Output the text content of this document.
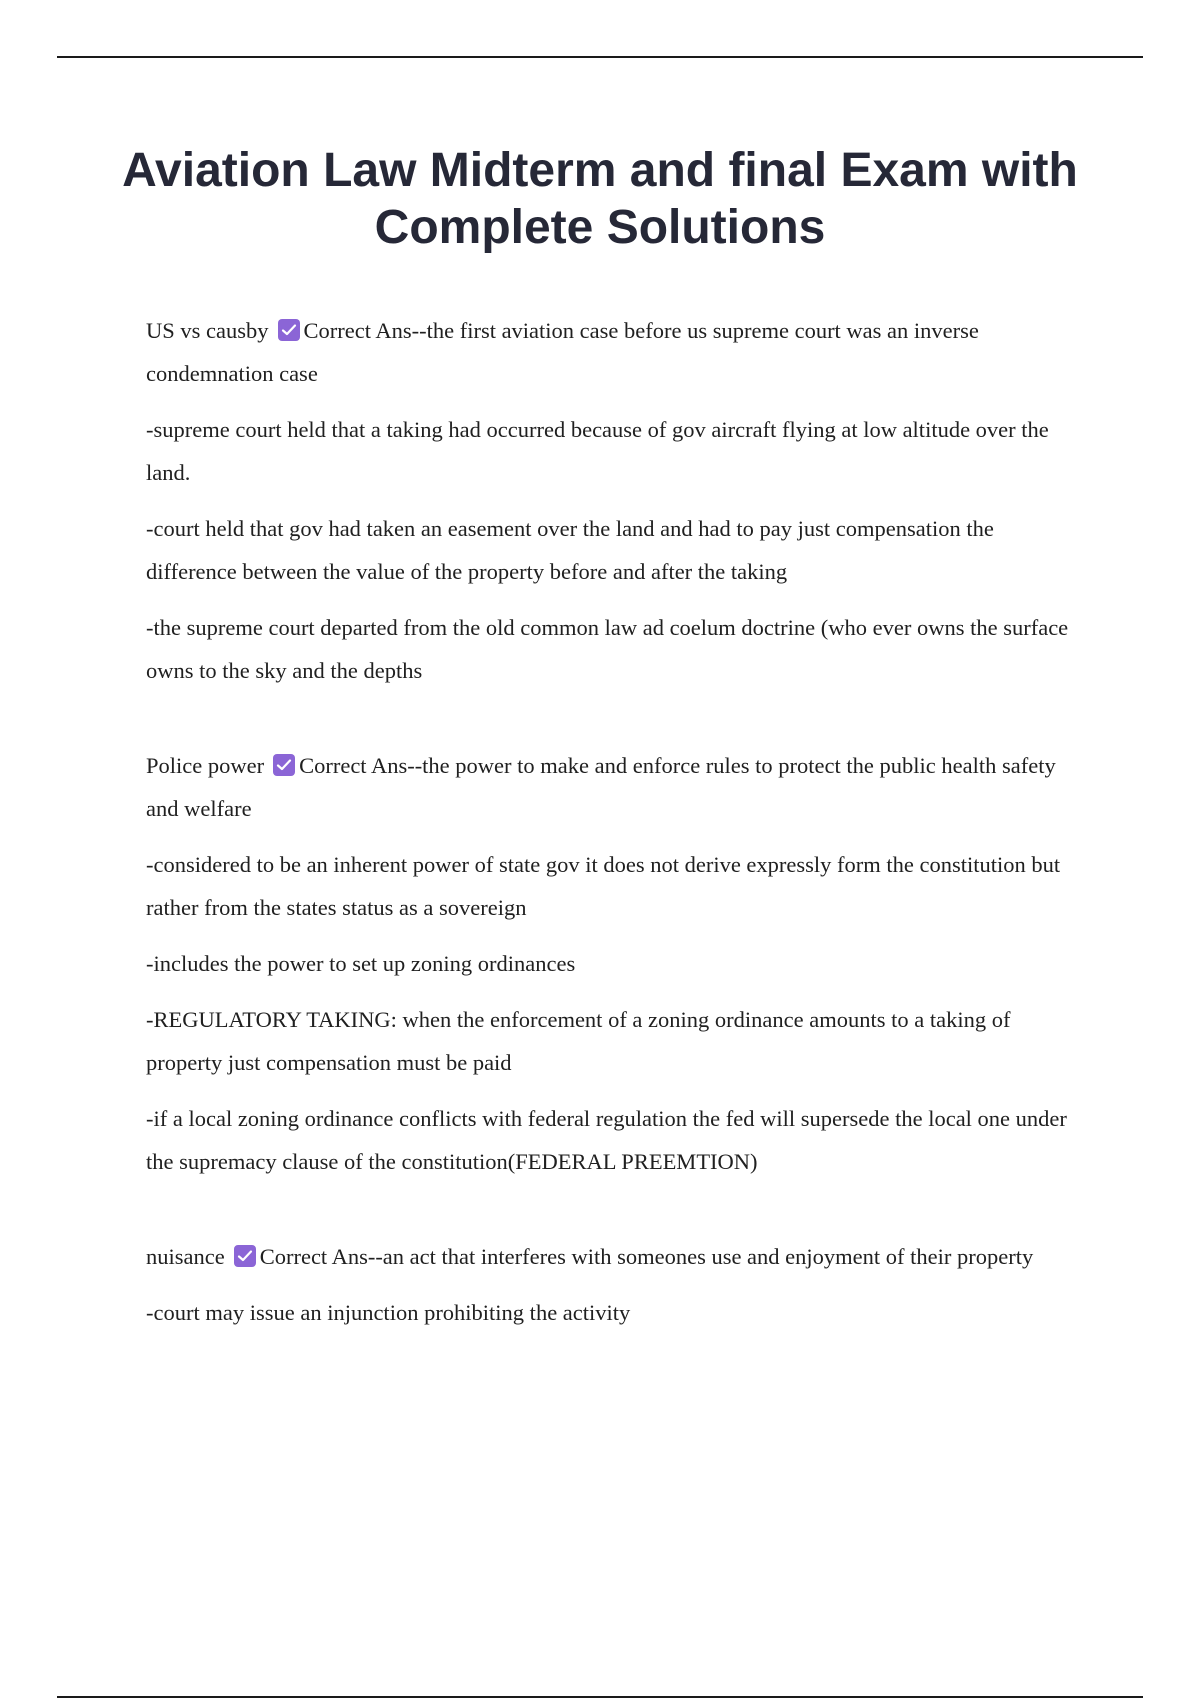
Aviation Law Midterm and final Exam with Complete Solutions

US vs causby Correct Ans--the first aviation case before us supreme court was an inverse condemnation case

-supreme court held that a taking had occurred because of gov aircraft flying at low altitude over the land.

-court held that gov had taken an easement over the land and had to pay just compensation the difference between the value of the property before and after the taking

-the supreme court departed from the old common law ad coelum doctrine (who ever owns the surface owns to the sky and the depths

Police power Correct Ans--the power to make and enforce rules to protect the public health safety and welfare

-considered to be an inherent power of state gov it does not derive expressly form the constitution but rather from the states status as a sovereign

-includes the power to set up zoning ordinances

-REGULATORY TAKING: when the enforcement of a zoning ordinance amounts to a taking of property just compensation must be paid

-if a local zoning ordinance conflicts with federal regulation the fed will supersede the local one under the supremacy clause of the constitution(FEDERAL PREEMTION)

nuisance Correct Ans--an act that interferes with someones use and enjoyment of their property

-court may issue an injunction prohibiting the activity
